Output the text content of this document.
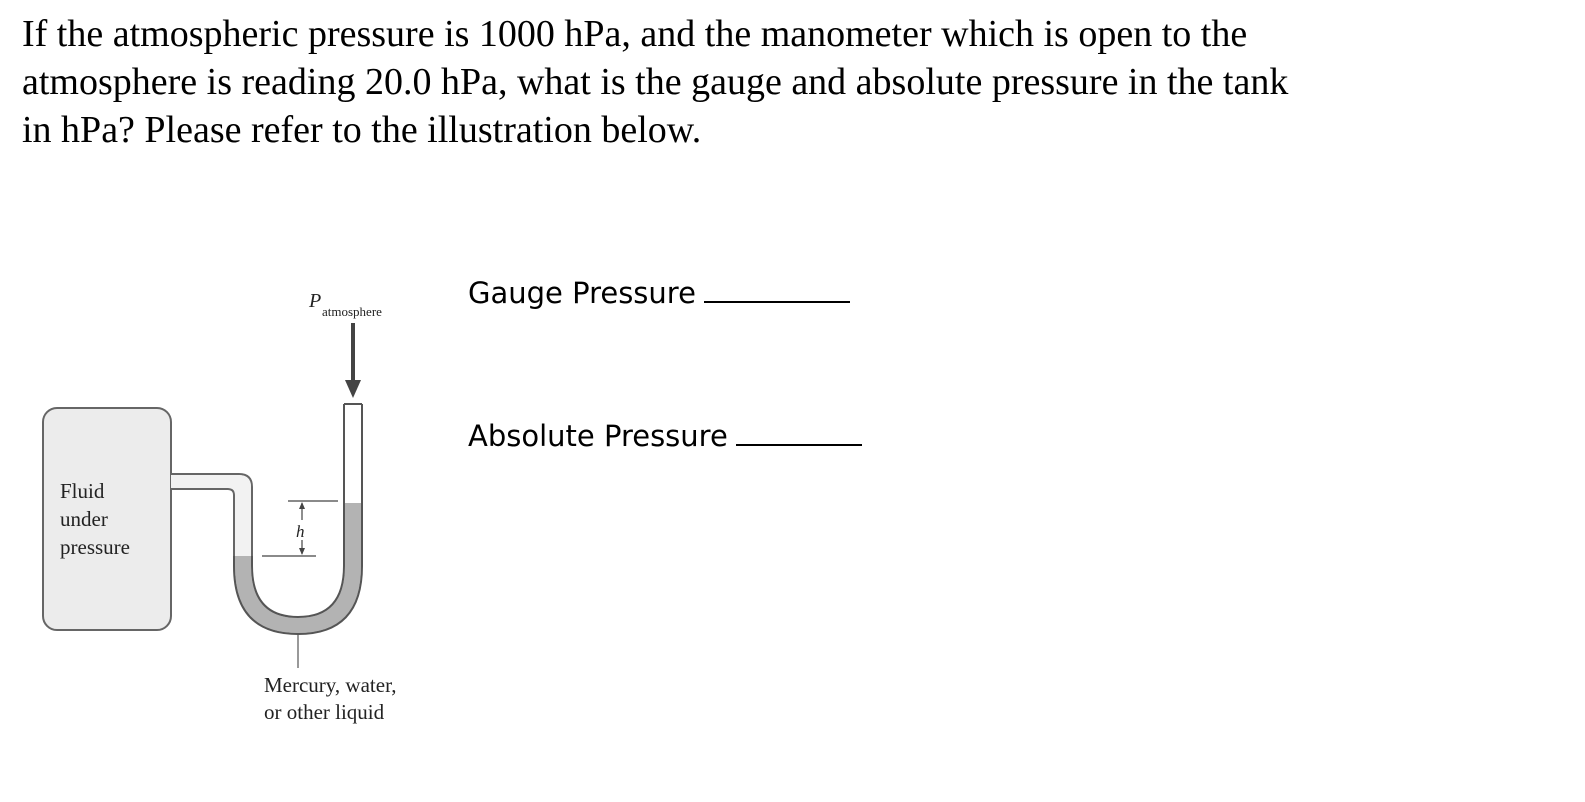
If the atmospheric pressure is 1000 hPa, and the manometer which is open to the
atmosphere is reading 20.0 hPa, what is the gauge and absolute pressure in the tank
in hPa? Please refer to the illustration below.
Gauge Pressure
Absolute Pressure
h
P atmosphere
Fluid
under
pressure
Mercury, water,
or other liquid
